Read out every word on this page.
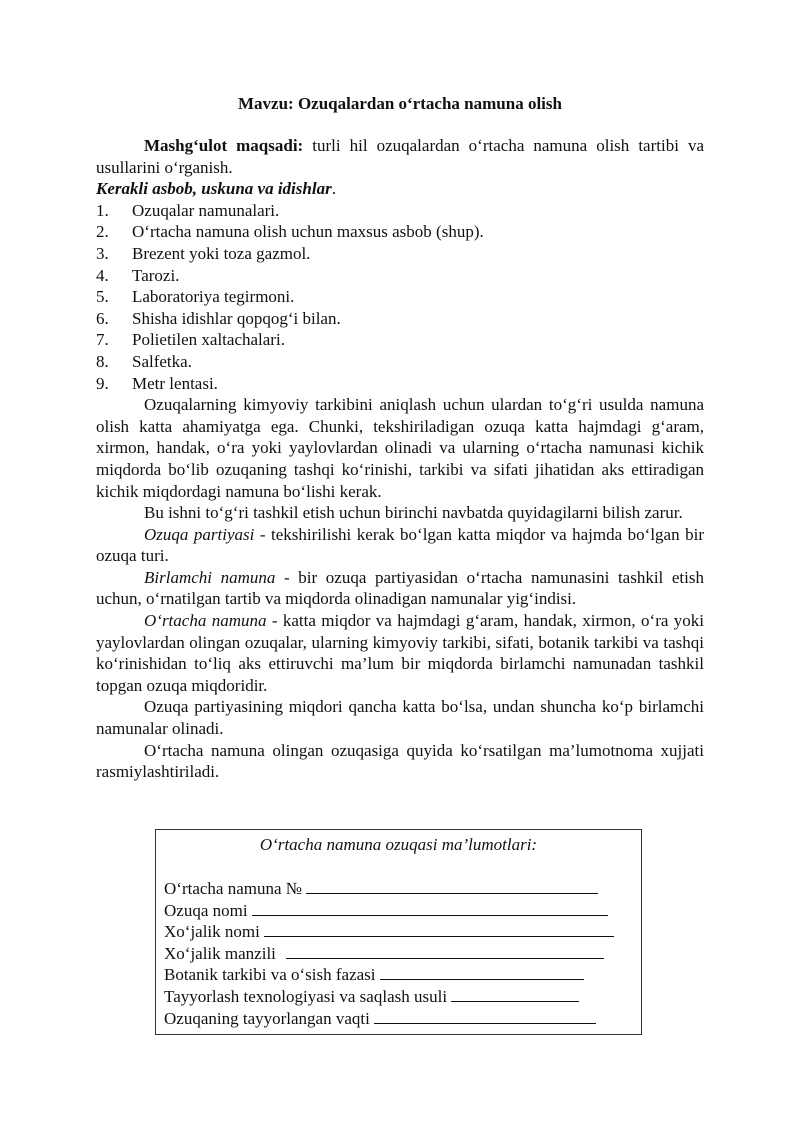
Mavzu: Ozuqalardan o‘rtacha namuna olish

Mashg‘ulot maqsadi: turli hil ozuqalardan o‘rtacha namuna olish tartibi va usullarini o‘rganish.

Kerakli asbob, uskuna va idishlar.

1.	Ozuqalar namunalari.
2.	O‘rtacha namuna olish uchun maxsus asbob (shup).
3.	Brezent yoki toza gazmol.
4.	Tarozi.
5.	Laboratoriya tegirmoni.
6.	Shisha idishlar qopqog‘i bilan.
7.	Polietilen xaltachalari.
8.	Salfetka.
9.	Metr lentasi.

Ozuqalarning kimyoviy tarkibini aniqlash uchun ulardan to‘g‘ri usulda namuna olish katta ahamiyatga ega. Chunki, tekshiriladigan ozuqa katta hajmdagi g‘aram, xirmon, handak, o‘ra yoki yaylovlardan olinadi va ularning o‘rtacha namunasi kichik miqdorda bo‘lib ozuqaning tashqi ko‘rinishi, tarkibi va sifati jihatidan aks ettiradigan kichik miqdordagi namuna bo‘lishi kerak.

Bu ishni to‘g‘ri tashkil etish uchun birinchi navbatda quyidagilarni bilish zarur.

Ozuqa partiyasi - tekshirilishi kerak bo‘lgan katta miqdor va hajmda bo‘lgan bir ozuqa turi.

Birlamchi namuna - bir ozuqa partiyasidan o‘rtacha namunasini tashkil etish uchun, o‘rnatilgan tartib va miqdorda olinadigan namunalar yig‘indisi.

O‘rtacha namuna - katta miqdor va hajmdagi g‘aram, handak, xirmon, o‘ra yoki yaylovlardan olingan ozuqalar, ularning kimyoviy tarkibi, sifati, botanik tarkibi va tashqi ko‘rinishidan to‘liq aks ettiruvchi ma’lum bir miqdorda birlamchi namunadan tashkil topgan ozuqa miqdoridir.

Ozuqa partiyasining miqdori qancha katta bo‘lsa, undan shuncha ko‘p birlamchi namunalar olinadi.

O‘rtacha namuna olingan ozuqasiga quyida ko‘rsatilgan ma’lumotnoma xujjati rasmiylashtiriladi.

O‘rtacha namuna ozuqasi ma’lumotlari:
O‘rtacha namuna №
Ozuqa nomi
Xo‘jalik nomi
Xo‘jalik manzili
Botanik tarkibi va o‘sish fazasi
Tayyorlash texnologiyasi va saqlash usuli
Ozuqaning tayyorlangan vaqti
